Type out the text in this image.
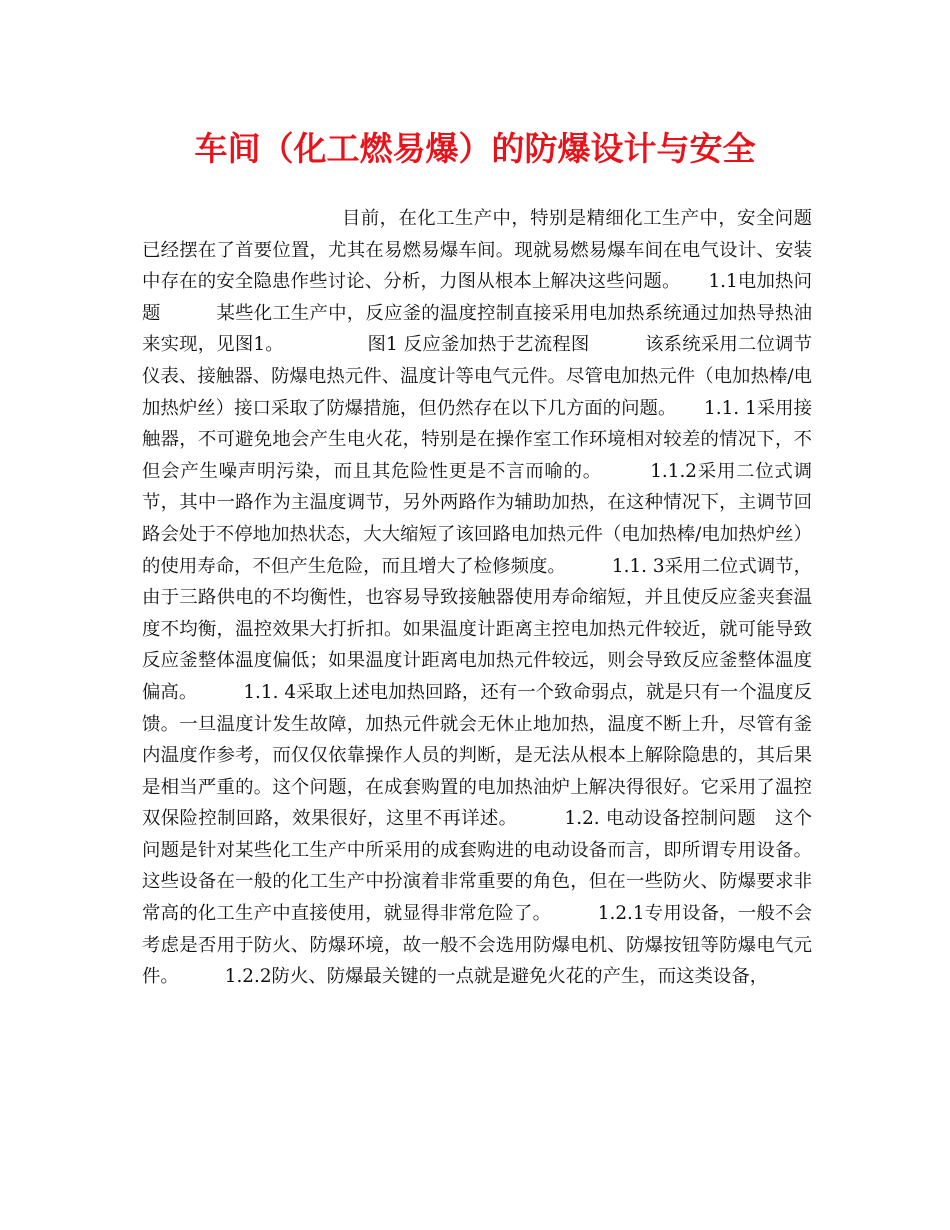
车间（化工燃易爆）的防爆设计与安全

目前，在化工生产中，特别是精细化工生产中，安全问题已经摆在了首要位置，尤其在易燃易爆车间。现就易燃易爆车间在电气设计、安装中存在的安全隐患作些讨论、分析，力图从根本上解决这些问题。　　1.1电加热问题　　　某些化工生产中，反应釜的温度控制直接采用电加热系统通过加热导热油来实现，见图1。　　　　　图1 反应釜加热于艺流程图　　　该系统采用二位调节仪表、接触器、防爆电热元件、温度计等电气元件。尽管电加热元件（电加热棒/电加热炉丝）接口采取了防爆措施，但仍然存在以下几方面的问题。　　1.1. 1采用接触器，不可避免地会产生电火花，特别是在操作室工作环境相对较差的情况下，不但会产生噪声明污染，而且其危险性更是不言而喻的。　　　1.1.2采用二位式调节，其中一路作为主温度调节，另外两路作为辅助加热，在这种情况下，主调节回路会处于不停地加热状态，大大缩短了该回路电加热元件（电加热棒/电加热炉丝）的使用寿命，不但产生危险，而且增大了检修频度。　　　1.1. 3采用二位式调节，由于三路供电的不均衡性，也容易导致接触器使用寿命缩短，并且使反应釜夹套温度不均衡，温控效果大打折扣。如果温度计距离主控电加热元件较近，就可能导致反应釜整体温度偏低；如果温度计距离电加热元件较远，则会导致反应釜整体温度偏高。　　　1.1. 4采取上述电加热回路，还有一个致命弱点，就是只有一个温度反馈。一旦温度计发生故障，加热元件就会无休止地加热，温度不断上升，尽管有釜内温度作参考，而仅仅依靠操作人员的判断，是无法从根本上解除隐患的，其后果是相当严重的。这个问题，在成套购置的电加热油炉上解决得很好。它采用了温控双保险控制回路，效果很好，这里不再详述。　　　1.2. 电动设备控制问题　这个问题是针对某些化工生产中所采用的成套购进的电动设备而言，即所谓专用设备。这些设备在一般的化工生产中扮演着非常重要的角色，但在一些防火、防爆要求非常高的化工生产中直接使用，就显得非常危险了。　　　1.2.1专用设备，一般不会考虑是否用于防火、防爆环境，故一般不会选用防爆电机、防爆按钮等防爆电气元件。　　　1.2.2防火、防爆最关键的一点就是避免火花的产生，而这类设备，
